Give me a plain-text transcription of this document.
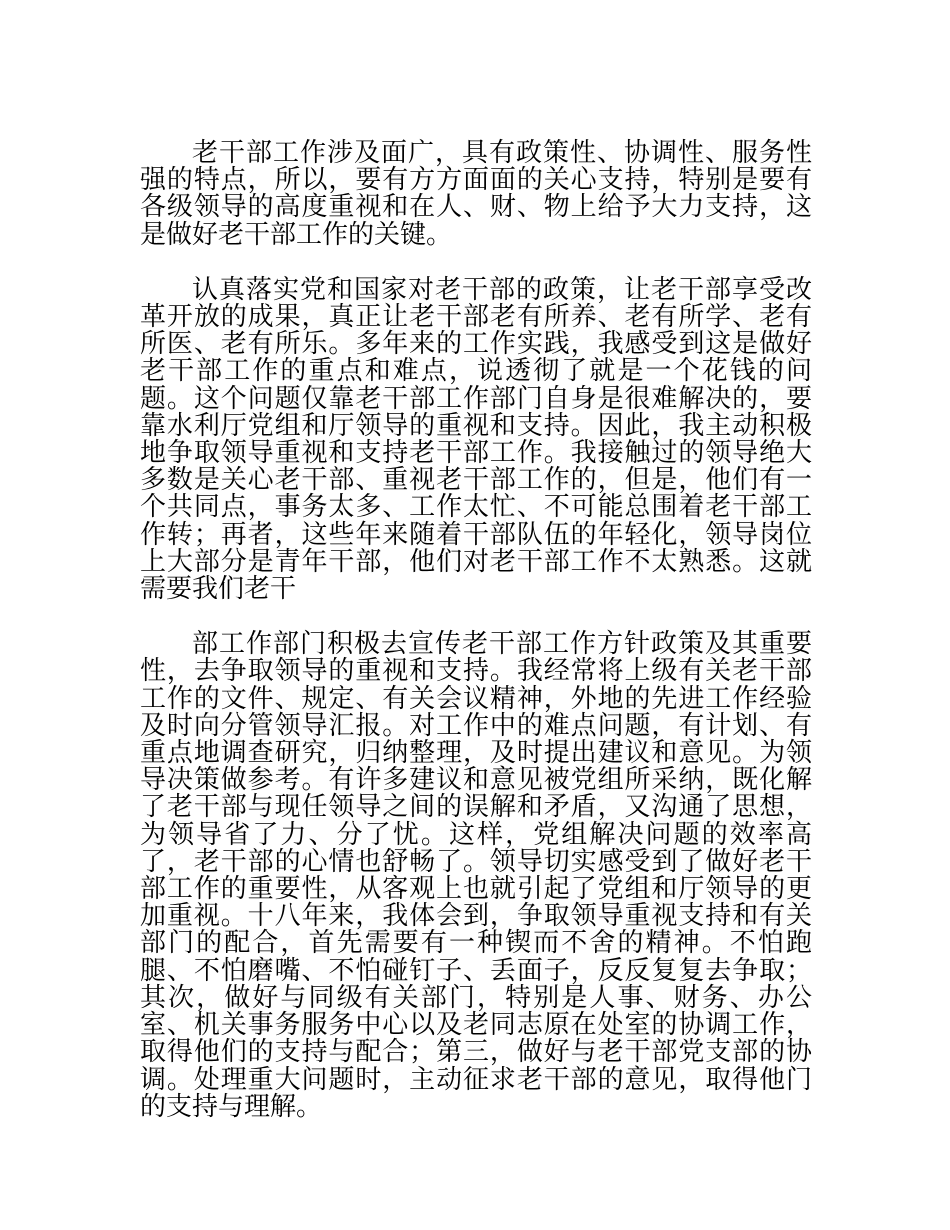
老干部工作涉及面广，具有政策性、协调性、服务性强的特点，所以，要有方方面面的关心支持，特别是要有各级领导的高度重视和在人、财、物上给予大力支持，这是做好老干部工作的关键。

认真落实党和国家对老干部的政策，让老干部享受改革开放的成果，真正让老干部老有所养、老有所学、老有所医、老有所乐。多年来的工作实践，我感受到这是做好老干部工作的重点和难点，说透彻了就是一个花钱的问题。这个问题仅靠老干部工作部门自身是很难解决的，要靠水利厅党组和厅领导的重视和支持。因此，我主动积极地争取领导重视和支持老干部工作。我接触过的领导绝大多数是关心老干部、重视老干部工作的，但是，他们有一个共同点，事务太多、工作太忙、不可能总围着老干部工作转；再者，这些年来随着干部队伍的年轻化，领导岗位上大部分是青年干部，他们对老干部工作不太熟悉。这就需要我们老干

部工作部门积极去宣传老干部工作方针政策及其重要性，去争取领导的重视和支持。我经常将上级有关老干部工作的文件、规定、有关会议精神，外地的先进工作经验及时向分管领导汇报。对工作中的难点问题，有计划、有重点地调查研究，归纳整理，及时提出建议和意见。为领导决策做参考。有许多建议和意见被党组所采纳，既化解了老干部与现任领导之间的误解和矛盾，又沟通了思想，为领导省了力、分了忧。这样，党组解决问题的效率高了，老干部的心情也舒畅了。领导切实感受到了做好老干部工作的重要性，从客观上也就引起了党组和厅领导的更加重视。十八年来，我体会到，争取领导重视支持和有关部门的配合，首先需要有一种锲而不舍的精神。不怕跑腿、不怕磨嘴、不怕碰钉子、丢面子，反反复复去争取；其次，做好与同级有关部门，特别是人事、财务、办公室、机关事务服务中心以及老同志原在处室的协调工作，取得他们的支持与配合；第三，做好与老干部党支部的协调。处理重大问题时，主动征求老干部的意见，取得他门的支持与理解。
